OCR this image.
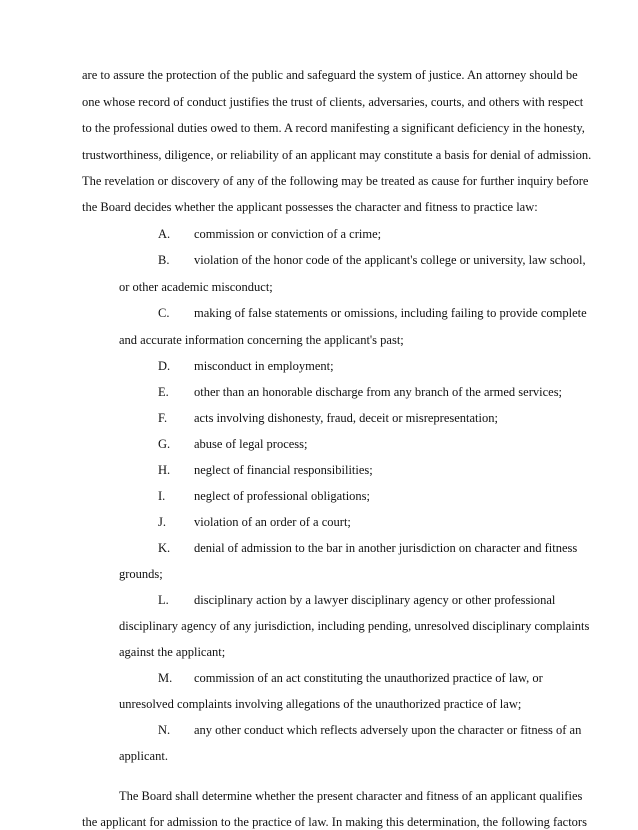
are to assure the protection of the public and safeguard the system of justice. An attorney should be
one whose record of conduct justifies the trust of clients, adversaries, courts, and others with respect
to the professional duties owed to them. A record manifesting a significant deficiency in the honesty,
trustworthiness, diligence, or reliability of an applicant may constitute a basis for denial of admission.
The revelation or discovery of any of the following may be treated as cause for further inquiry before
the Board decides whether the applicant possesses the character and fitness to practice law:
A. commission or conviction of a crime;
B. violation of the honor code of the applicant's college or university, law school,
or other academic misconduct;
C. making of false statements or omissions, including failing to provide complete
and accurate information concerning the applicant's past;
D. misconduct in employment;
E. other than an honorable discharge from any branch of the armed services;
F. acts involving dishonesty, fraud, deceit or misrepresentation;
G. abuse of legal process;
H. neglect of financial responsibilities;
I. neglect of professional obligations;
J. violation of an order of a court;
K. denial of admission to the bar in another jurisdiction on character and fitness
grounds;
L. disciplinary action by a lawyer disciplinary agency or other professional
disciplinary agency of any jurisdiction, including pending, unresolved disciplinary complaints
against the applicant;
M. commission of an act constituting the unauthorized practice of law, or
unresolved complaints involving allegations of the unauthorized practice of law;
N. any other conduct which reflects adversely upon the character or fitness of an
applicant.
The Board shall determine whether the present character and fitness of an applicant qualifies
the applicant for admission to the practice of law. In making this determination, the following factors
